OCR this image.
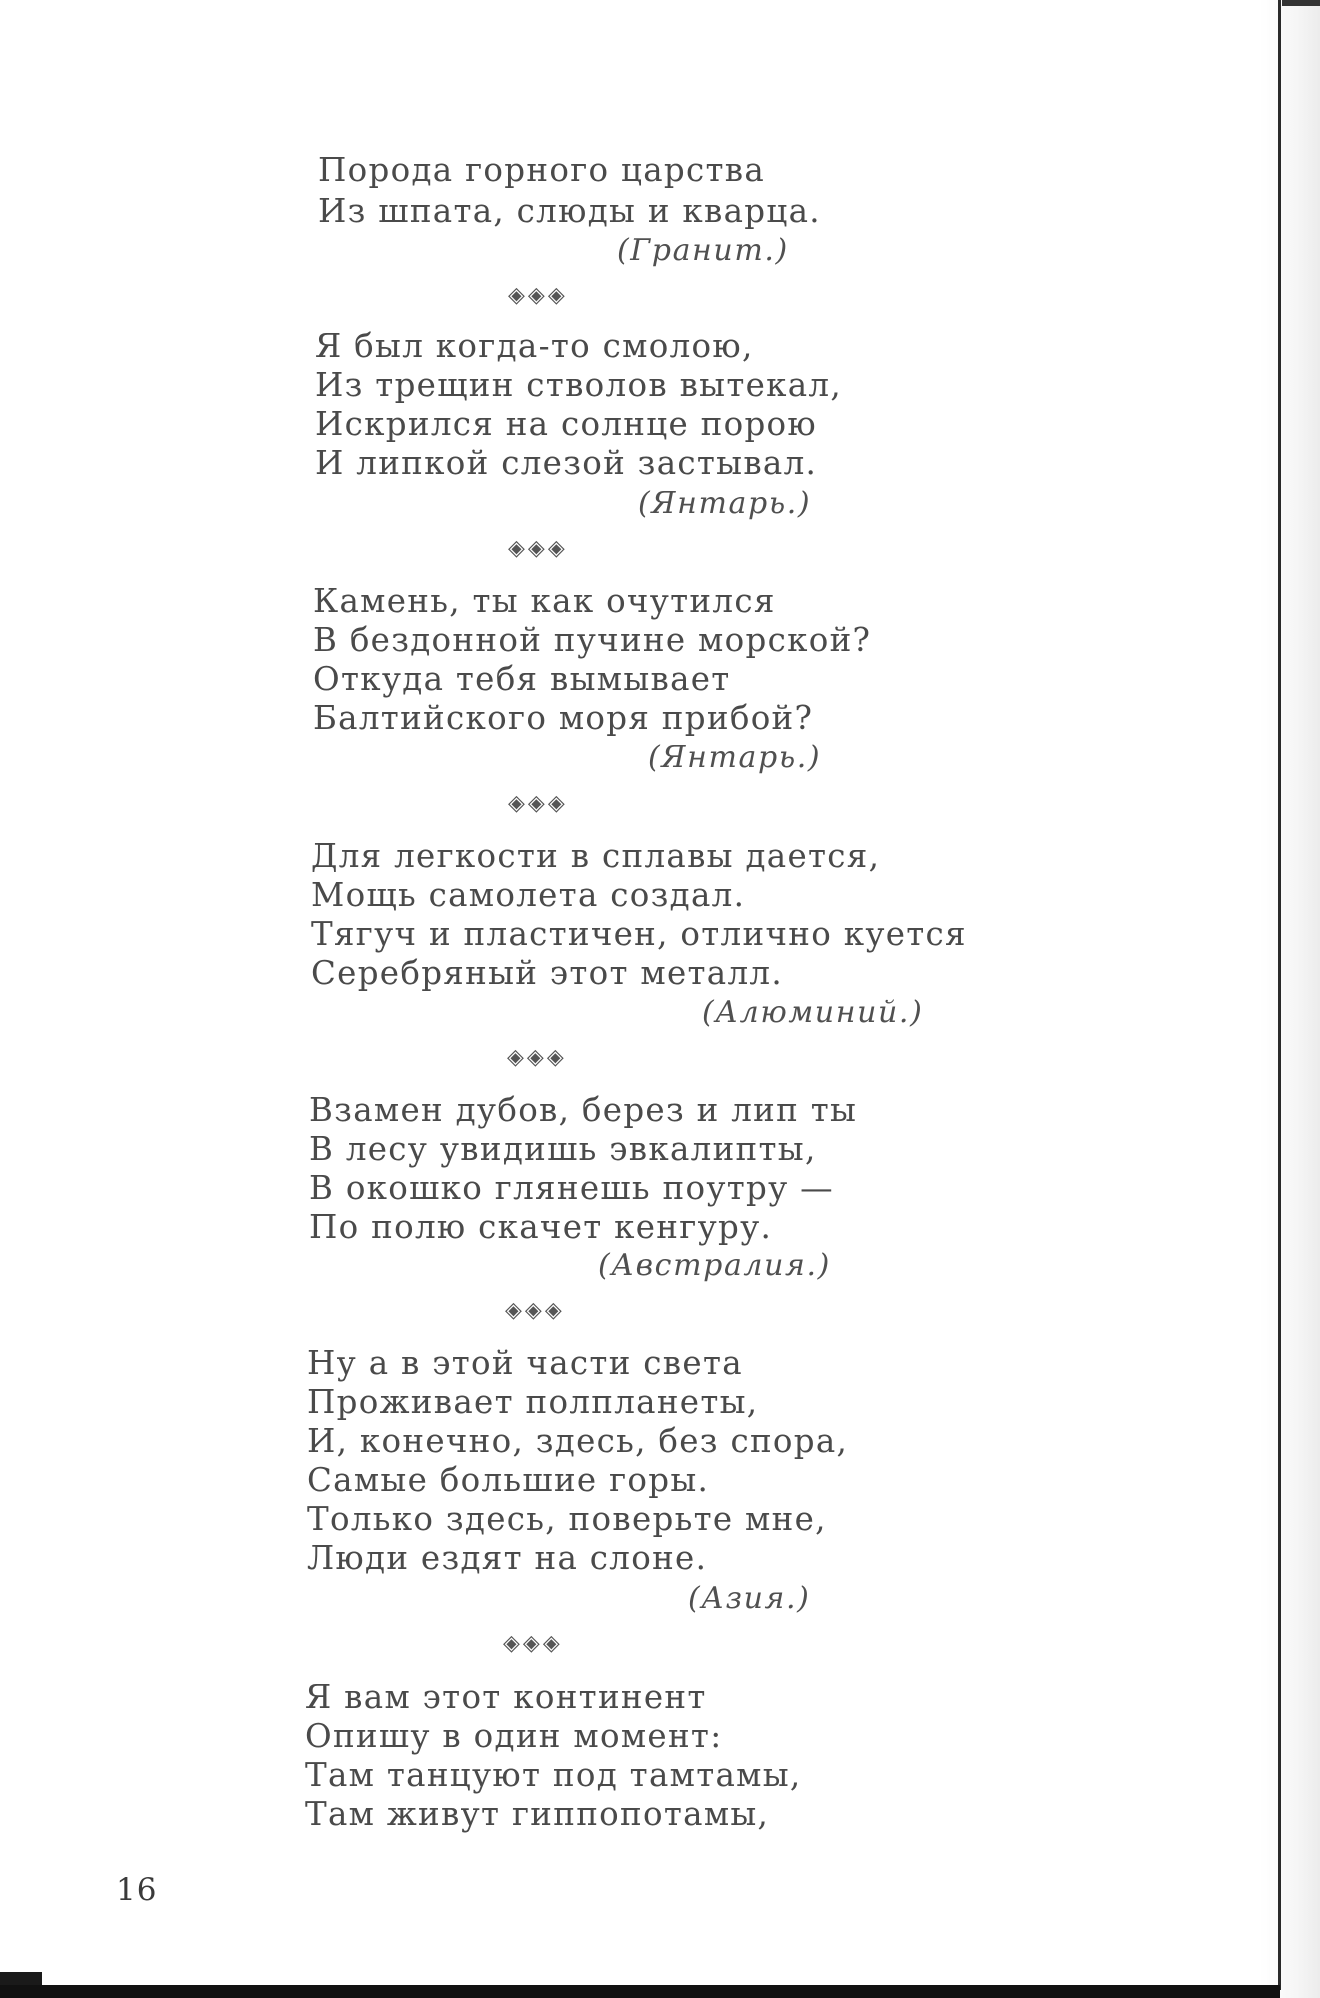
Порода горного царства
Из шпата, слюды и кварца.
(Гранит.)
◈◈◈
Я был когда-то смолою,
Из трещин стволов вытекал,
Искрился на солнце порою
И липкой слезой застывал.
(Янтарь.)
◈◈◈
Камень, ты как очутился
В бездонной пучине морской?
Откуда тебя вымывает
Балтийского моря прибой?
(Янтарь.)
◈◈◈
Для легкости в сплавы дается,
Мощь самолета создал.
Тягуч и пластичен, отлично куется
Серебряный этот металл.
(Алюминий.)
◈◈◈
Взамен дубов, берез и лип ты
В лесу увидишь эвкалипты,
В окошко глянешь поутру —
По полю скачет кенгуру.
(Австралия.)
◈◈◈
Ну а в этой части света
Проживает полпланеты,
И, конечно, здесь, без спора,
Самые большие горы.
Только здесь, поверьте мне,
Люди ездят на слоне.
(Азия.)
◈◈◈
Я вам этот континент
Опишу в один момент:
Там танцуют под тамтамы,
Там живут гиппопотамы,
16
